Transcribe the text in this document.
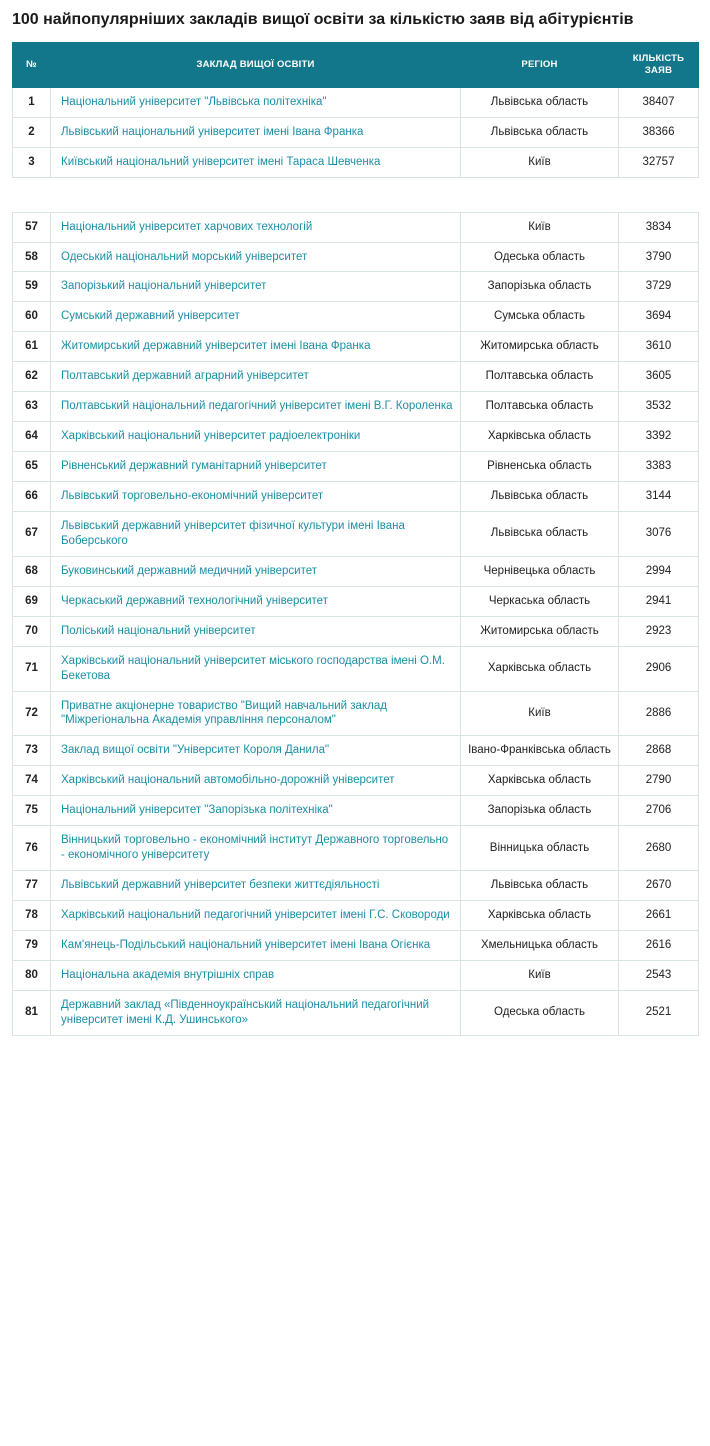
100 найпопулярніших закладів вищої освіти за кількістю заяв від абітурієнтів
№	ЗАКЛАД ВИЩОЇ ОСВІТИ	РЕГІОН	КІЛЬКІСТЬ ЗАЯВ
1	Національний університет "Львівська політехніка"	Львівська область	38407
2	Львівський національний університет імені Івана Франка	Львівська область	38366
3	Київський національний університет імені Тараса Шевченка	Київ	32757
57	Національний університет харчових технологій	Київ	3834
58	Одеський національний морський університет	Одеська область	3790
59	Запорізький національний університет	Запорізька область	3729
60	Сумський державний університет	Сумська область	3694
61	Житомирський державний університет імені Івана Франка	Житомирська область	3610
62	Полтавський державний аграрний університет	Полтавська область	3605
63	Полтавський національний педагогічний університет імені В.Г. Короленка	Полтавська область	3532
64	Харківський національний університет радіоелектроніки	Харківська область	3392
65	Рівненський державний гуманітарний університет	Рівненська область	3383
66	Львівський торговельно-економічний університет	Львівська область	3144
67	Львівський державний університет фізичної культури імені Івана Боберського	Львівська область	3076
68	Буковинський державний медичний університет	Чернівецька область	2994
69	Черкаський державний технологічний університет	Черкаська область	2941
70	Поліський національний університет	Житомирська область	2923
71	Харківський національний університет міського господарства імені О.М. Бекетова	Харківська область	2906
72	Приватне акціонерне товариство "Вищий навчальний заклад "Міжрегіональна Академія управління персоналом"	Київ	2886
73	Заклад вищої освіти "Університет Короля Данила"	Івано-Франківська область	2868
74	Харківський національний автомобільно-дорожній університет	Харківська область	2790
75	Національний університет "Запорізька політехніка"	Запорізька область	2706
76	Вінницький торговельно - економічний інститут Державного торговельно - економічного університету	Вінницька область	2680
77	Львівський державний університет безпеки життєдіяльності	Львівська область	2670
78	Харківський національний педагогічний університет імені Г.С. Сковороди	Харківська область	2661
79	Кам'янець-Подільський національний університет імені Івана Огієнка	Хмельницька область	2616
80	Національна академія внутрішніх справ	Київ	2543
81	Державний заклад «Південноукраїнський національний педагогічний університет імені К.Д. Ушинського»	Одеська область	2521
